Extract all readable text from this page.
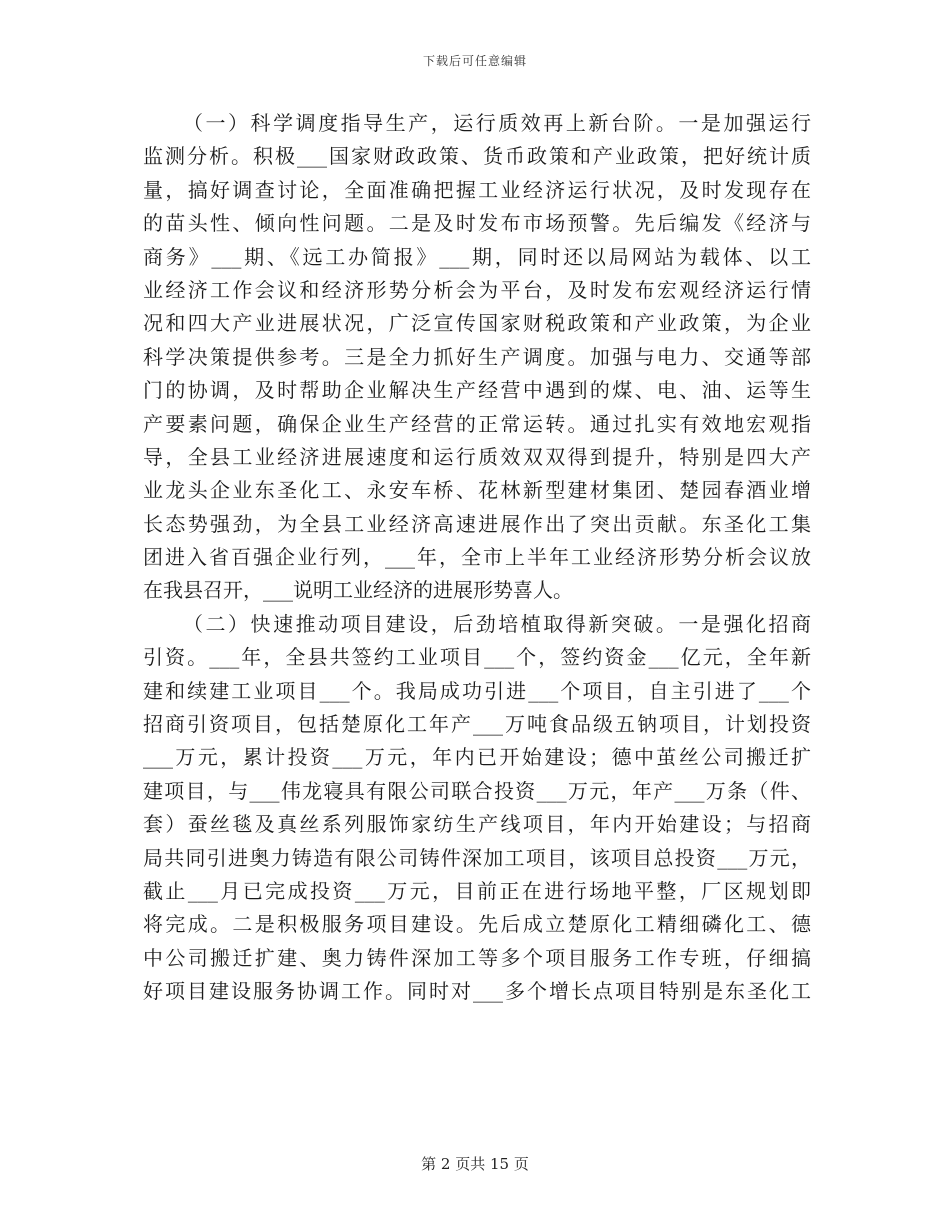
下载后可任意编辑
（一）科学调度指导生产，运行质效再上新台阶。一是加强运行
监测分析。积极___国家财政政策、货币政策和产业政策，把好统计质
量，搞好调查讨论，全面准确把握工业经济运行状况，及时发现存在
的苗头性、倾向性问题。二是及时发布市场预警。先后编发《经济与
商务》___期、《远工办简报》___期，同时还以局网站为载体、以工
业经济工作会议和经济形势分析会为平台，及时发布宏观经济运行情
况和四大产业进展状况，广泛宣传国家财税政策和产业政策，为企业
科学决策提供参考。三是全力抓好生产调度。加强与电力、交通等部
门的协调，及时帮助企业解决生产经营中遇到的煤、电、油、运等生
产要素问题，确保企业生产经营的正常运转。通过扎实有效地宏观指
导，全县工业经济进展速度和运行质效双双得到提升，特别是四大产
业龙头企业东圣化工、永安车桥、花林新型建材集团、楚园春酒业增
长态势强劲，为全县工业经济高速进展作出了突出贡献。东圣化工集
团进入省百强企业行列，___年，全市上半年工业经济形势分析会议放
在我县召开，___说明工业经济的进展形势喜人。
（二）快速推动项目建设，后劲培植取得新突破。一是强化招商
引资。___年，全县共签约工业项目___个，签约资金___亿元，全年新
建和续建工业项目___个。我局成功引进___个项目，自主引进了___个
招商引资项目，包括楚原化工年产___万吨食品级五钠项目，计划投资
___万元，累计投资___万元，年内已开始建设；德中茧丝公司搬迁扩
建项目，与___伟龙寝具有限公司联合投资___万元，年产___万条（件、
套）蚕丝毯及真丝系列服饰家纺生产线项目，年内开始建设；与招商
局共同引进奥力铸造有限公司铸件深加工项目，该项目总投资___万元，
截止___月已完成投资___万元，目前正在进行场地平整，厂区规划即
将完成。二是积极服务项目建设。先后成立楚原化工精细磷化工、德
中公司搬迁扩建、奥力铸件深加工等多个项目服务工作专班，仔细搞
好项目建设服务协调工作。同时对___多个增长点项目特别是东圣化工
第 2 页共 15 页
